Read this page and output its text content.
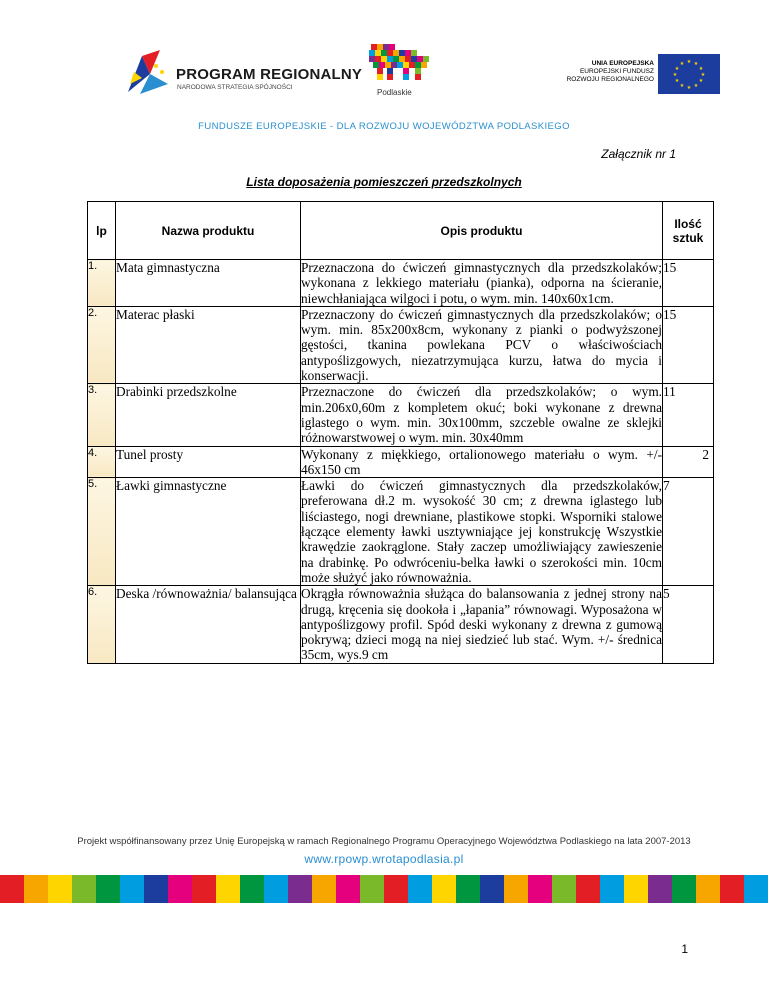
PROGRAM REGIONALNY
NARODOWA STRATEGIA SPÓJNOŚCI
Podlaskie
UNIA EUROPEJSKA
EUROPEJSKI FUNDUSZ
ROZWOJU REGIONALNEGO
★ ★
★
★
★
★
★
★
★
★
★
★
FUNDUSZE EUROPEJSKIE - DLA ROZWOJU WOJEWÓDZTWA PODLASKIEGO
Załącznik nr 1
Lista doposażenia pomieszczeń przedszkolnych
lp	Nazwa produktu	Opis produktu	Ilość sztuk
1.	Mata gimnastyczna	Przeznaczona do ćwiczeń gimnastycznych dla przedszkolaków; wykonana z lekkiego materiału (pianka), odporna na ścieranie, niewchłaniająca wilgoci i potu, o wym. min. 140x60x1cm.	15
2.	Materac płaski	Przeznaczony do ćwiczeń gimnastycznych dla przedszkolaków; o wym. min. 85x200x8cm, wykonany z pianki o podwyższonej gęstości, tkanina powlekana PCV o właściwościach antypoślizgowych, niezatrzymująca kurzu, łatwa do mycia i konserwacji.	15
3.	Drabinki przedszkolne	Przeznaczone do ćwiczeń dla przedszkolaków; o wym. min.206x0,60m z kompletem okuć; boki wykonane z drewna iglastego o wym. min. 30x100mm, szczeble owalne ze sklejki różnowarstwowej o wym. min. 30x40mm	11
4.	Tunel prosty	Wykonany z miękkiego, ortalionowego materiału o wym. +/- 46x150 cm	2
5.	Ławki gimnastyczne	Ławki do ćwiczeń gimnastycznych dla przedszkolaków, preferowana dł.2 m. wysokość 30 cm; z drewna iglastego lub liściastego, nogi drewniane, plastikowe stopki. Wsporniki stalowe łączące elementy ławki usztywniające jej konstrukcję Wszystkie krawędzie zaokrąglone. Stały zaczep umożliwiający zawieszenie na drabinkę. Po odwróceniu-belka ławki o szerokości min. 10cm może służyć jako równoważnia.	7
6.	Deska /równoważnia/ balansująca	Okrągła równoważnia służąca do balansowania z jednej strony na drugą, kręcenia się dookoła i „łapania” równowagi. Wyposażona w antypoślizgowy profil. Spód deski wykonany z drewna z gumową pokrywą; dzieci mogą na niej siedzieć lub stać. Wym. +/- średnica 35cm, wys.9 cm	5
Projekt współfinansowany przez Unię Europejską w ramach Regionalnego Programu Operacyjnego Województwa Podlaskiego na lata 2007-2013
www.rpowp.wrotapodlasia.pl
1
